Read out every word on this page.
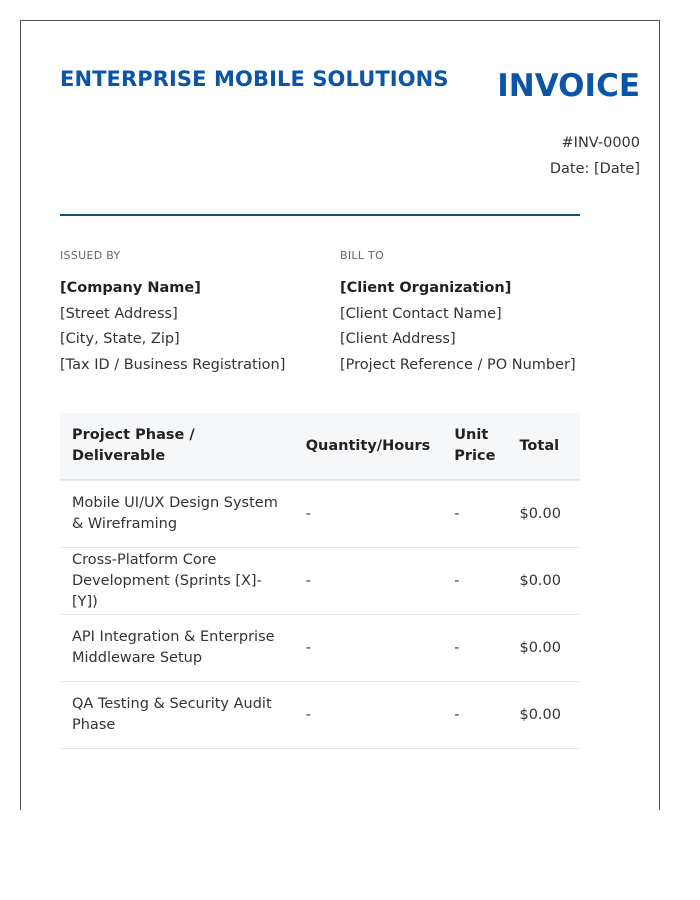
ENTERPRISE MOBILE SOLUTIONS INVOICE
#INV-0000
Date: [Date]
ISSUED BY
[Company Name]
[Street Address]
[City, State, Zip]
[Tax ID / Business Registration]
BILL TO
[Client Organization]
[Client Contact Name]
[Client Address]
[Project Reference / PO Number]
Project Phase / Deliverable	Quantity/Hours	Unit Price	Total
Mobile UI/UX Design System & Wireframing	-	-	$0.00
Cross-Platform Core Development (Sprints [X]-[Y])	-	-	$0.00
API Integration & Enterprise Middleware Setup	-	-	$0.00
QA Testing & Security Audit Phase	-	-	$0.00
